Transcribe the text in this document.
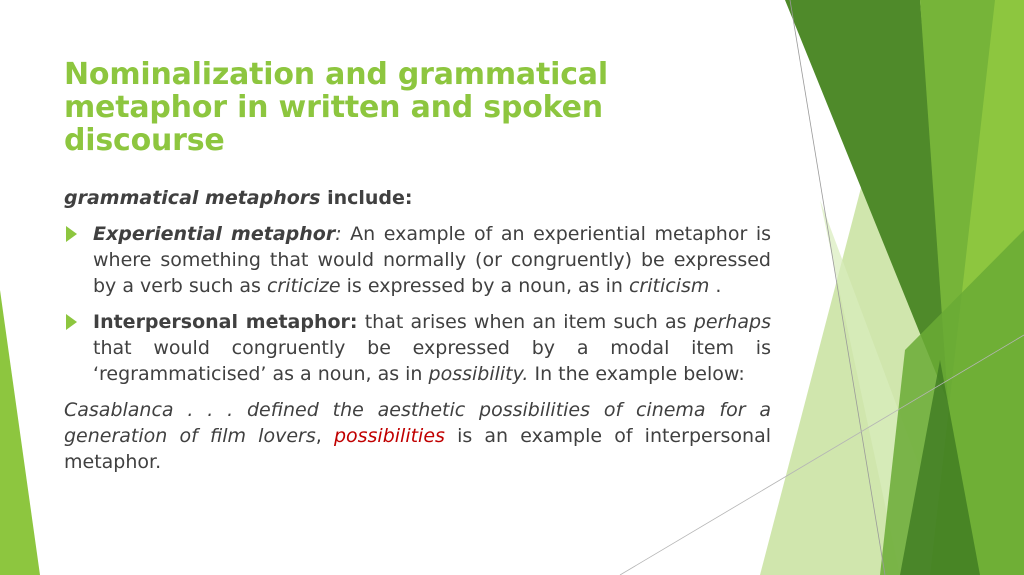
Nominalization and grammatical metaphor in written and spoken discourse

grammatical metaphors include:

Experiential metaphor: An example of an experiential metaphor is where something that would normally (or congruently) be expressed by a verb such as criticize is expressed by a noun, as in criticism .
Interpersonal metaphor: that arises when an item such as perhaps that would congruently be expressed by a modal item is ‘regrammaticised’ as a noun, as in possibility. In the example below:

Casablanca . . . defined the aesthetic possibilities of cinema for a generation of film lovers, possibilities is an example of interpersonal metaphor.
